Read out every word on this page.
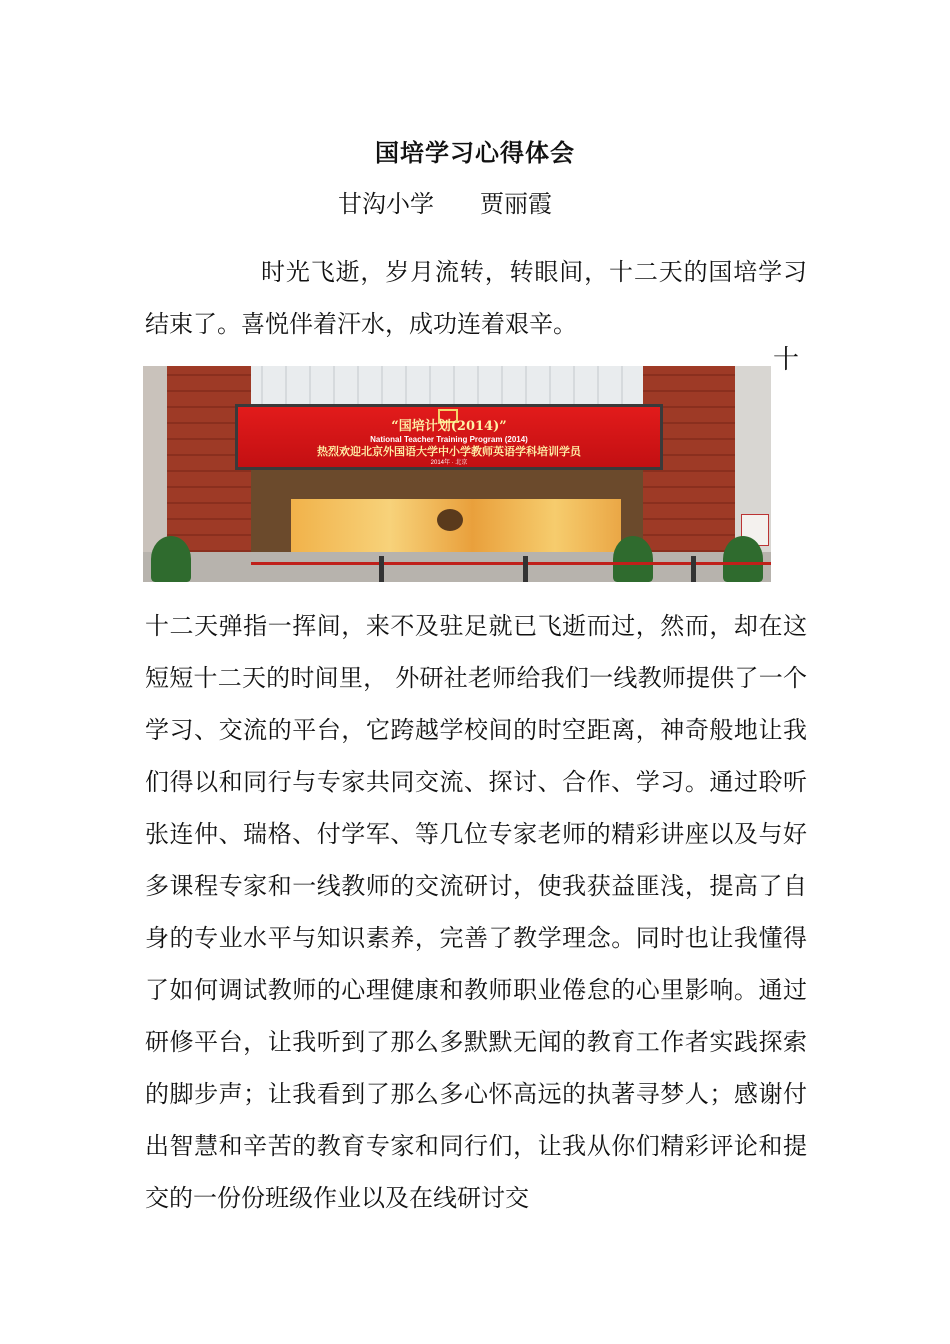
国培学习心得体会
甘沟小学 贾丽霞
时光飞逝，岁月流转，转眼间，十二天的国培学习结束了。喜悦伴着汗水，成功连着艰辛。
十
“国培计划(2014)”
National Teacher Training Program (2014)
热烈欢迎北京外国语大学中小学教师英语学科培训学员
2014年 · 北京
十二天弹指一挥间，来不及驻足就已飞逝而过，然而，却在这短短十二天的时间里， 外研社老师给我们一线教师提供了一个学习、交流的平台，它跨越学校间的时空距离，神奇般地让我们得以和同行与专家共同交流、探讨、合作、学习。通过聆听张连仲、瑞格、付学军、等几位专家老师的精彩讲座以及与好多课程专家和一线教师的交流研讨，使我获益匪浅，提高了自身的专业水平与知识素养，完善了教学理念。同时也让我懂得了如何调试教师的心理健康和教师职业倦怠的心里影响。通过研修平台，让我听到了那么多默默无闻的教育工作者实践探索的脚步声；让我看到了那么多心怀高远的执著寻梦人；感谢付出智慧和辛苦的教育专家和同行们，让我从你们精彩评论和提交的一份份班级作业以及在线研讨交
